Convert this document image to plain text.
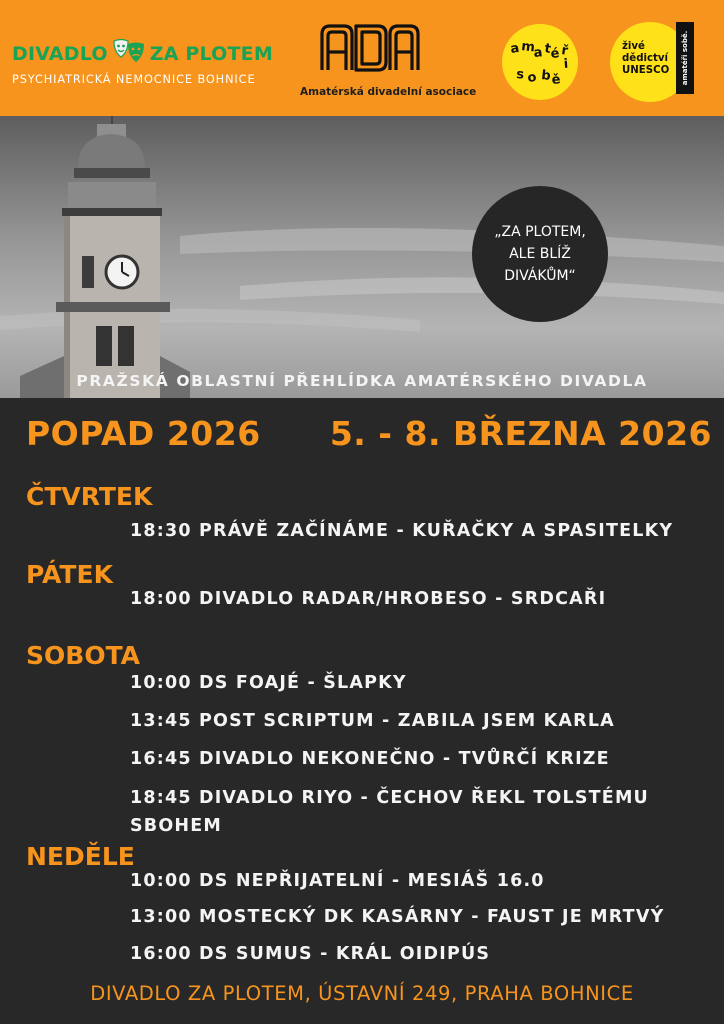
DIVADLO ZA PLOTEM
PSYCHIATRICKÁ NEMOCNICE BOHNICE
Amatérská divadelní asociace
a m
a t
é ř
i
s o b ě
živé
dědictví
UNESCO amatéři sobě.
„ZA PLOTEM,
ALE BLÍŽ
DIVÁKŮM“
PRAŽSKÁ OBLASTNÍ PŘEHLÍDKA AMATÉRSKÉHO DIVADLA
POPAD 2026 5. - 8. BŘEZNA 2026
ČTVRTEK
18:30 PRÁVĚ ZAČÍNÁME - KUŘAČKY A SPASITELKY
PÁTEK
18:00 DIVADLO RADAR/HROBESO - SRDCAŘI
SOBOTA
10:00 DS FOAJÉ - ŠLAPKY
13:45 POST SCRIPTUM - ZABILA JSEM KARLA
16:45 DIVADLO NEKONEČNO - TVŮRČÍ KRIZE
18:45 DIVADLO RIYO - ČECHOV ŘEKL TOLSTÉMU SBOHEM
NEDĚLE
10:00 DS NEPŘIJATELNÍ - MESIÁŠ 16.0
13:00 MOSTECKÝ DK KASÁRNY - FAUST JE MRTVÝ
16:00 DS SUMUS - KRÁL OIDIPÚS
DIVADLO ZA PLOTEM, ÚSTAVNÍ 249, PRAHA BOHNICE
